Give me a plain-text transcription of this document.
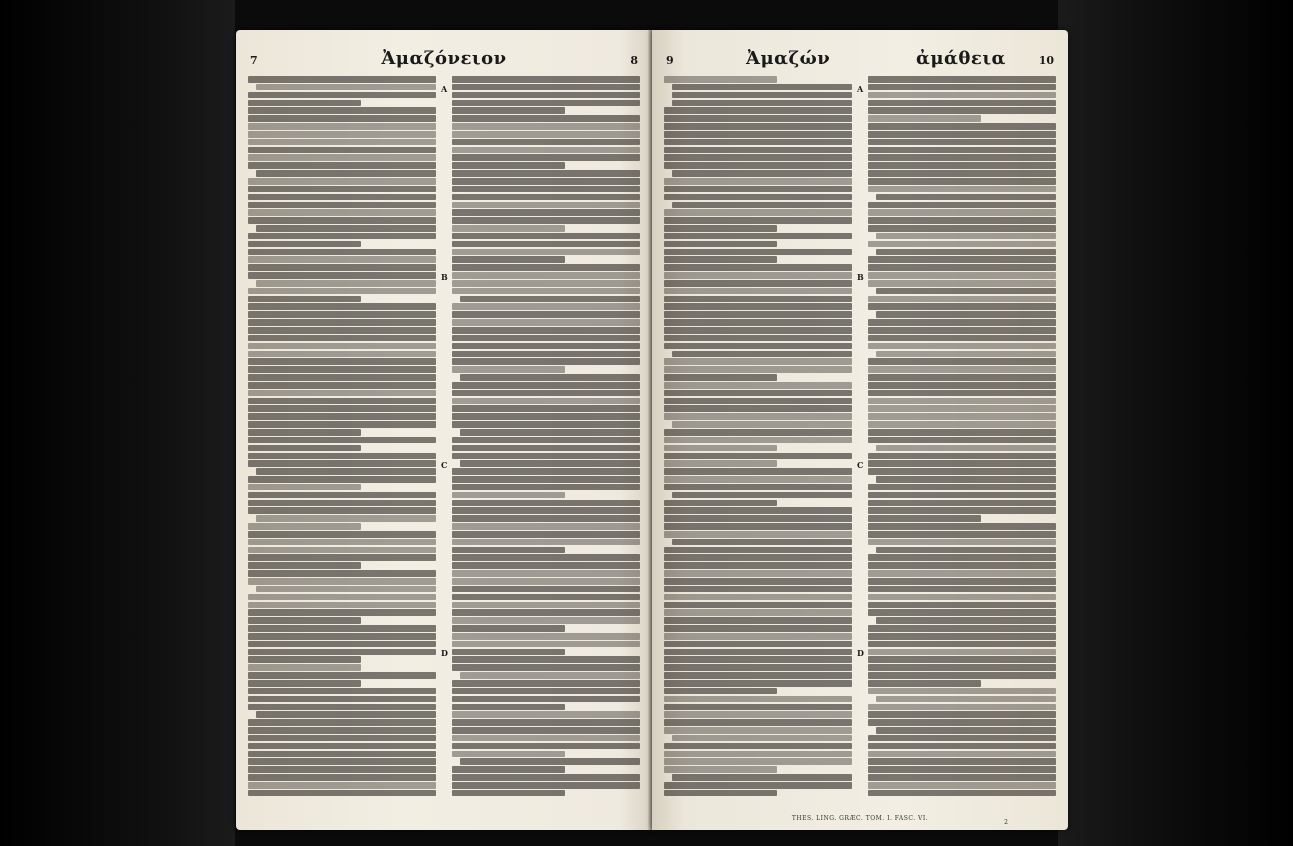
7	Ἀμαζόνειον	8
A
B
C
D
9	Ἀμαζών	ἀμάθεια	10
A
B
C
D
THES. LING. GRÆC. TOM. I. FASC. VI.
2
